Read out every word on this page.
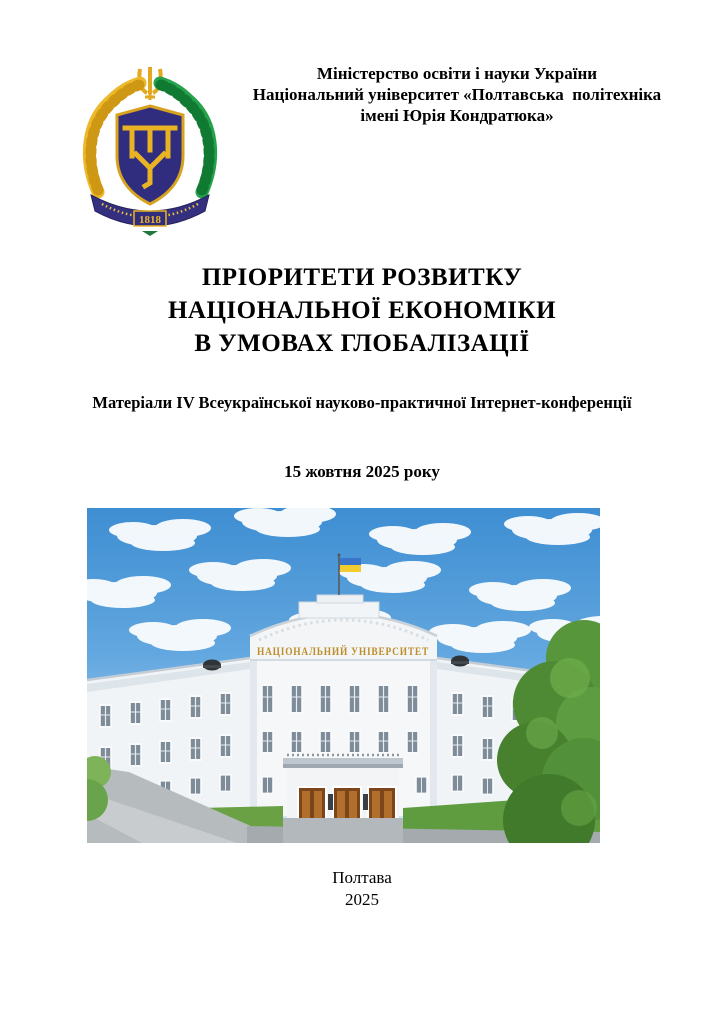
1818
Міністерство освіти і науки України
Національний університет «Полтавська  політехніка
імені Юрія Кондратюка»
ПРІОРИТЕТИ РОЗВИТКУ
НАЦІОНАЛЬНОЇ ЕКОНОМІКИ
В УМОВАХ ГЛОБАЛІЗАЦІЇ
Матеріали IV Всеукраїнської науково-практичної Інтернет-конференції
15 жовтня 2025 року
НАЦІОНАЛЬНИЙ УНІВЕРСИТЕТ
Полтава
2025
